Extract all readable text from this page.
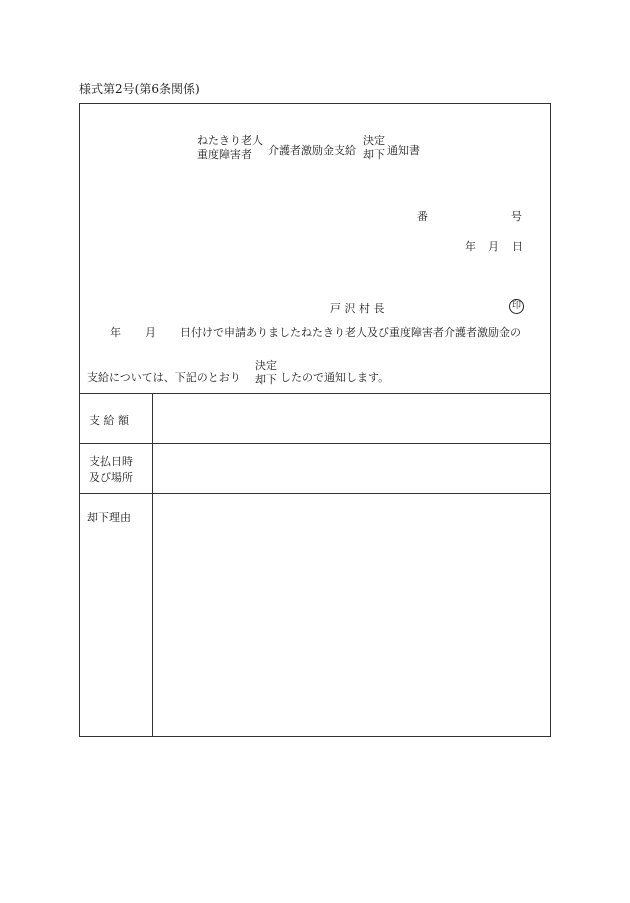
様式第2号(第6条関係)
ねたきり老人
重度障害者	介護者激励金支給
決定
却下 通知書
番	号
年 月 日
戸 沢 村 長	印
年 月 日付けで申請ありましたねたきり老人及び重度障害者介護者激励金の
支給については、下記のとおり
決定
却下 したので通知します。
支 給 額
支払日時
及び場所
却下理由
